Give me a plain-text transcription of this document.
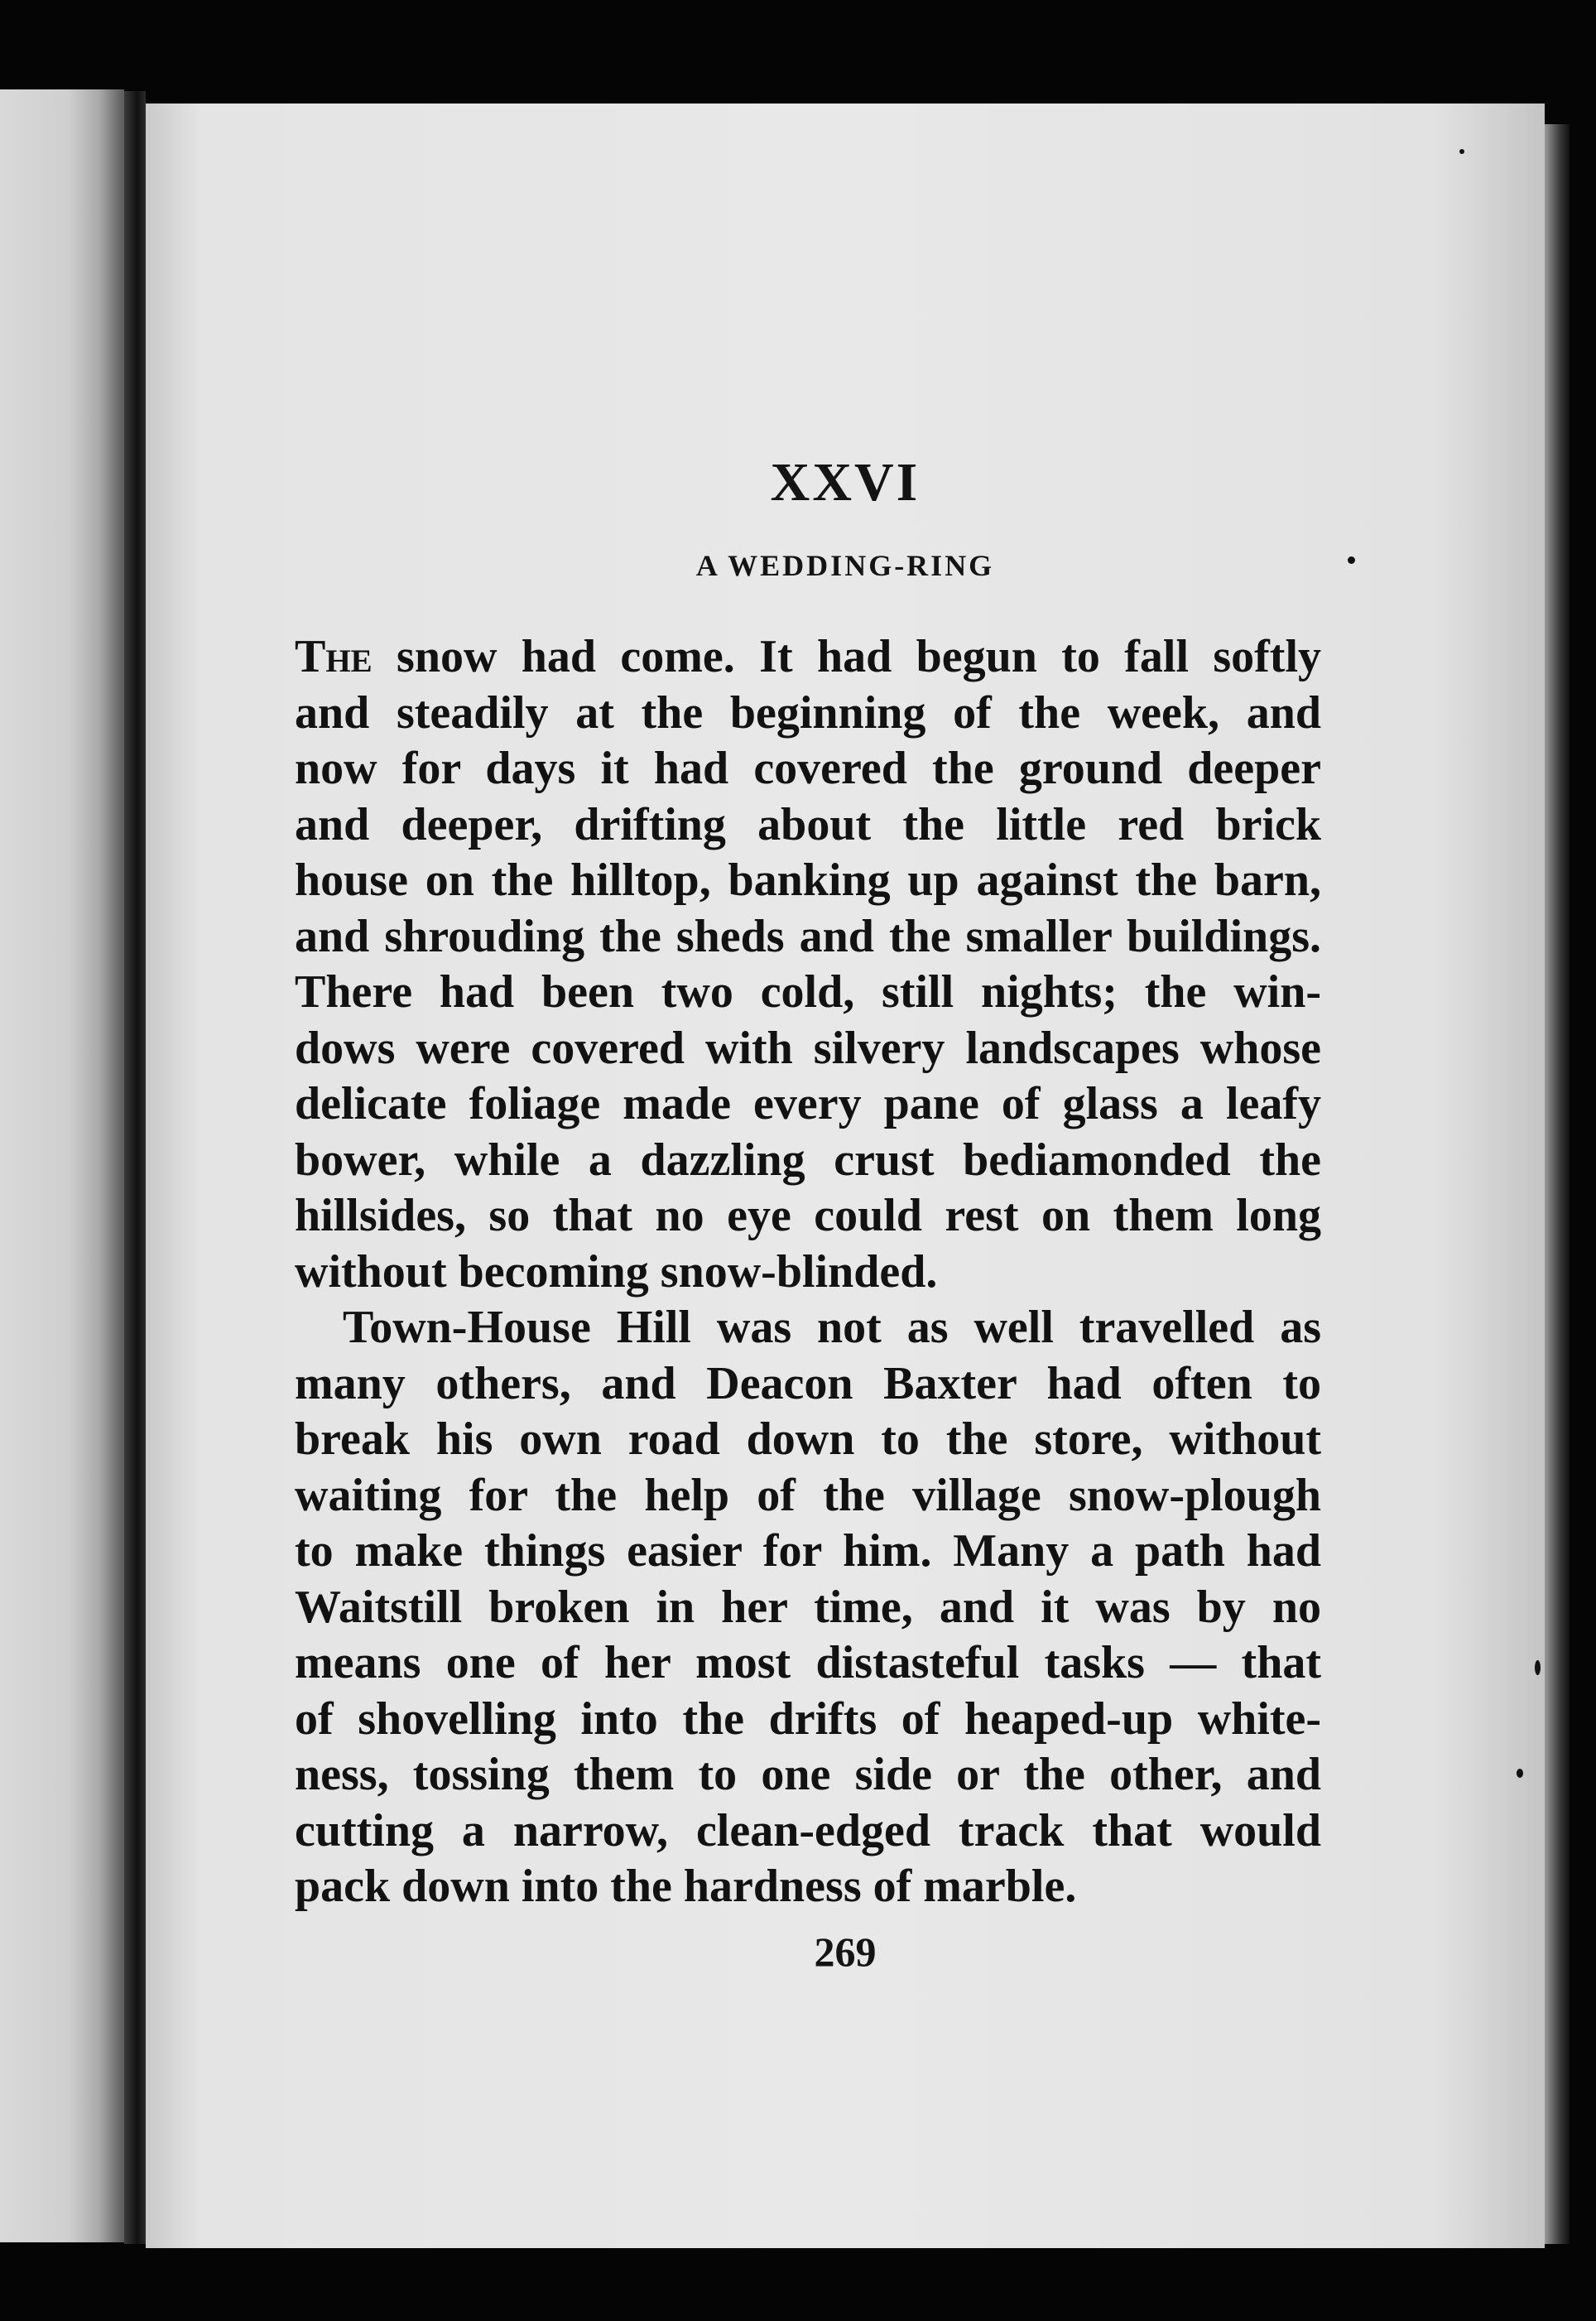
XXVI
A WEDDING-RING
The snow had come. It had begun to fall softly
and steadily at the beginning of the week, and
now for days it had covered the ground deeper
and deeper, drifting about the little red brick
house on the hilltop, banking up against the barn,
and shrouding the sheds and the smaller buildings.
There had been two cold, still nights; the win-
dows were covered with silvery landscapes whose
delicate foliage made every pane of glass a leafy
bower, while a dazzling crust bediamonded the
hillsides, so that no eye could rest on them long
without becoming snow-blinded.
Town-House Hill was not as well travelled as
many others, and Deacon Baxter had often to
break his own road down to the store, without
waiting for the help of the village snow-plough
to make things easier for him. Many a path had
Waitstill broken in her time, and it was by no
means one of her most distasteful tasks — that
of shovelling into the drifts of heaped-up white-
ness, tossing them to one side or the other, and
cutting a narrow, clean-edged track that would
pack down into the hardness of marble.
269
